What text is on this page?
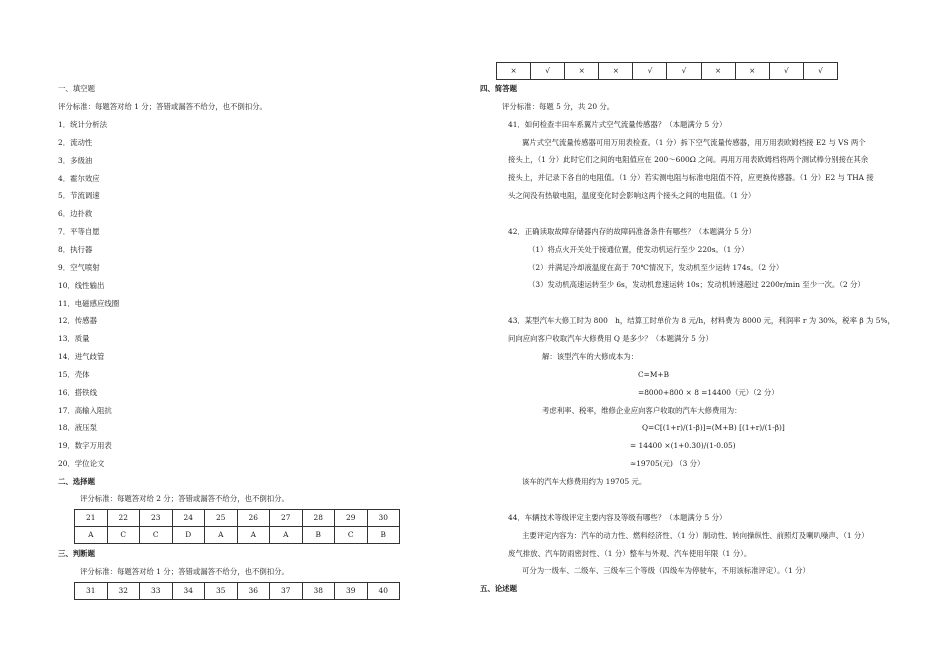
一、填空题
评分标准：每题答对给 1 分；答错或漏答不给分，也不倒扣分。
1．统计分析法
2．流动性
3．多级油
4．霍尔效应
5．节流调速
6．边扑救
7．平等自愿
8．执行器
9．空气喷射
10．线性输出
11．电磁感应线圈
12．传感器
13．质量
14．进气歧管
15．壳体
16．搭铁线
17．高输入阻抗
18．液压泵
19．数字万用表
20．学位论文
二、选择题
评分标准：每题答对给 2 分；答错或漏答不给分，也不倒扣分。
21	22	23	24	25	26	27	28	29	30
A	C	C	D	A	A	A	B	C	B
三、判断题
评分标准：每题答对给 1 分；答错或漏答不给分，也不倒扣分。
31	32	33	34	35	36	37	38	39	40
×	√	×	×	√	√	×	×	√	√
四、简答题
评分标准：每题 5 分，共 20 分。
41．如何检查丰田车系翼片式空气流量传感器？（本题满分 5 分）
翼片式空气流量传感器可用万用表检查。（1 分）拆下空气流量传感器，用万用表欧姆档接 E2 与 VS 两个
接头上，（1 分）此时它们之间的电阻值应在 200～600Ω 之间。再用万用表欧姆档将两个测试棒分别接在其余
接头上，并记录下各自的电阻值。（1 分）若实测电阻与标准电阻值不符，应更换传感器。（1 分）E2 与 THA 接
头之间没有热敏电阻，温度变化时会影响这两个接头之间的电阻值。（1 分）
42．正确读取故障存储器内存的故障码准备条件有哪些？（本题满分 5 分）
（1）将点火开关处于接通位置，使发动机运行至少 220s。（1 分）
（2）并满足冷却液温度在高于 70℃情况下，发动机至少运转 174s。（2 分）
（3）发动机高速运转至少 6s，发动机怠速运转 10s；发动机转速超过 2200r/min 至少一次。（2 分）
43．某型汽车大修工时为 800　h，结算工时单价为 8 元/h，材料费为 8000 元，利润率 r 为 30%，税率 β 为 5%，
问向应向客户收取汽车大修费用 Q 是多少？（本题满分 5 分）
解：该型汽车的大修成本为：
C=M+B
=8000+800 × 8 =14400（元）（2 分）
考虑利率、税率，维修企业应向客户收取的汽车大修费用为：
Q=C[(1+r)/(1-β)]=(M+B) [(1+r)/(1-β)]
= 14400 ×(1+0.30)/(1-0.05)
≈19705(元) （3 分）
该车的汽车大修费用约为 19705 元。
44．车辆技术等级评定主要内容及等级有哪些？（本题满分 5 分）
主要评定内容为：汽车的动力性、燃料经济性、（1 分）制动性、转向操纵性、前照灯及喇叭噪声、（1 分）
废气排放、汽车防雨密封性、（1 分）整车与外观、汽车使用年限（1 分）。
可分为一级车、二级车、三级车三个等级（四级车为停驶车，不用该标准评定）。（1 分）
五、论述题
